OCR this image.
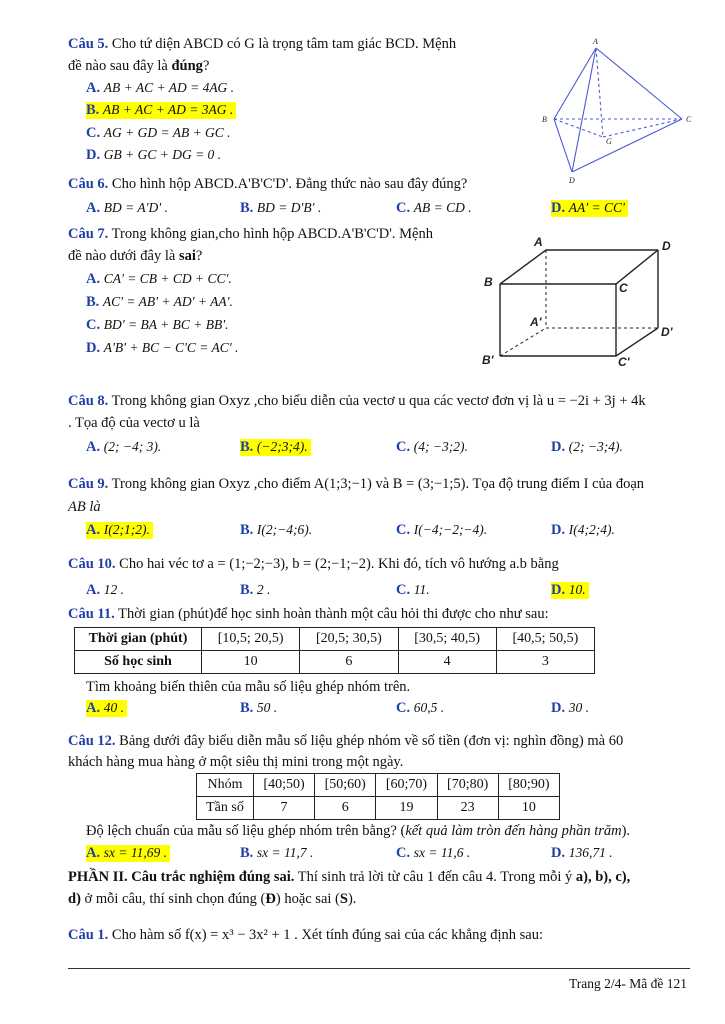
Câu 5. Cho tứ diện ABCD có G là trọng tâm tam giác BCD. Mệnh
đề nào sau đây là đúng?
A. AB + AC + AD = 4AG .
B. AB + AC + AD = 3AG .
C. AG + GD = AB + GC .
D. GB + GC + DG = 0 .
A
B	C
D
G
Câu 6. Cho hình hộp ABCD.A'B'C'D'. Đẳng thức nào sau đây đúng?
A. BD = A'D' .	B. BD = D'B' .	C. AB = CD .	D. AA' = CC'
Câu 7. Trong không gian,cho hình hộp ABCD.A'B'C'D'. Mệnh
đề nào dưới đây là sai?
A. CA' = CB + CD + CC'.
B. AC' = AB' + AD' + AA'.
C. BD' = BA + BC + BB'.
D. A'B' + BC − C'C = AC' .
A	D
B	C
A'
D'
B'	C'
Câu 8. Trong không gian Oxyz ,cho biểu diễn của vectơ u qua các vectơ đơn vị là u = −2i + 3j + 4k
. Tọa độ của vectơ u là
A. (2; −4; 3).	B. (−2;3;4).	C. (4; −3;2).	D. (2; −3;4).
Câu 9. Trong không gian Oxyz ,cho điểm A(1;3;−1) và B = (3;−1;5). Tọa độ trung điểm I của đoạn
AB là
A. I(2;1;2).	B. I(2;−4;6).	C. I(−4;−2;−4).	D. I(4;2;4).
Câu 10. Cho hai véc tơ a = (1;−2;−3), b = (2;−1;−2). Khi đó, tích vô hướng a.b bằng
A. 12 .	B. 2 .	C. 11.	D. 10.
Câu 11. Thời gian (phút)để học sinh hoàn thành một câu hỏi thi được cho như sau:
Thời gian (phút)	[10,5; 20,5)	[20,5; 30,5)	[30,5; 40,5)	[40,5; 50,5)
Số học sinh	10	6	4	3
Tìm khoảng biến thiên của mẫu số liệu ghép nhóm trên.
A. 40 .	B. 50 .	C. 60,5 .	D. 30 .
Câu 12. Bảng dưới đây biểu diễn mẫu số liệu ghép nhóm về số tiền (đơn vị: nghìn đồng) mà 60
khách hàng mua hàng ở một siêu thị mini trong một ngày.
Nhóm	[40;50)	[50;60)	[60;70)	[70;80)	[80;90)
Tần số	7	6	19	23	10
Độ lệch chuẩn của mẫu số liệu ghép nhóm trên bằng? (kết quả làm tròn đến hàng phần trăm).
A. sx = 11,69 .	B. sx = 11,7 .	C. sx = 11,6 .	D. 136,71 .
PHẦN II. Câu trắc nghiệm đúng sai. Thí sinh trả lời từ câu 1 đến câu 4. Trong mỗi ý a), b), c),
d) ở mỗi câu, thí sinh chọn đúng (Đ) hoặc sai (S).
Câu 1. Cho hàm số f(x) = x³ − 3x² + 1 . Xét tính đúng sai của các khẳng định sau:
Trang 2/4- Mã đề 121
